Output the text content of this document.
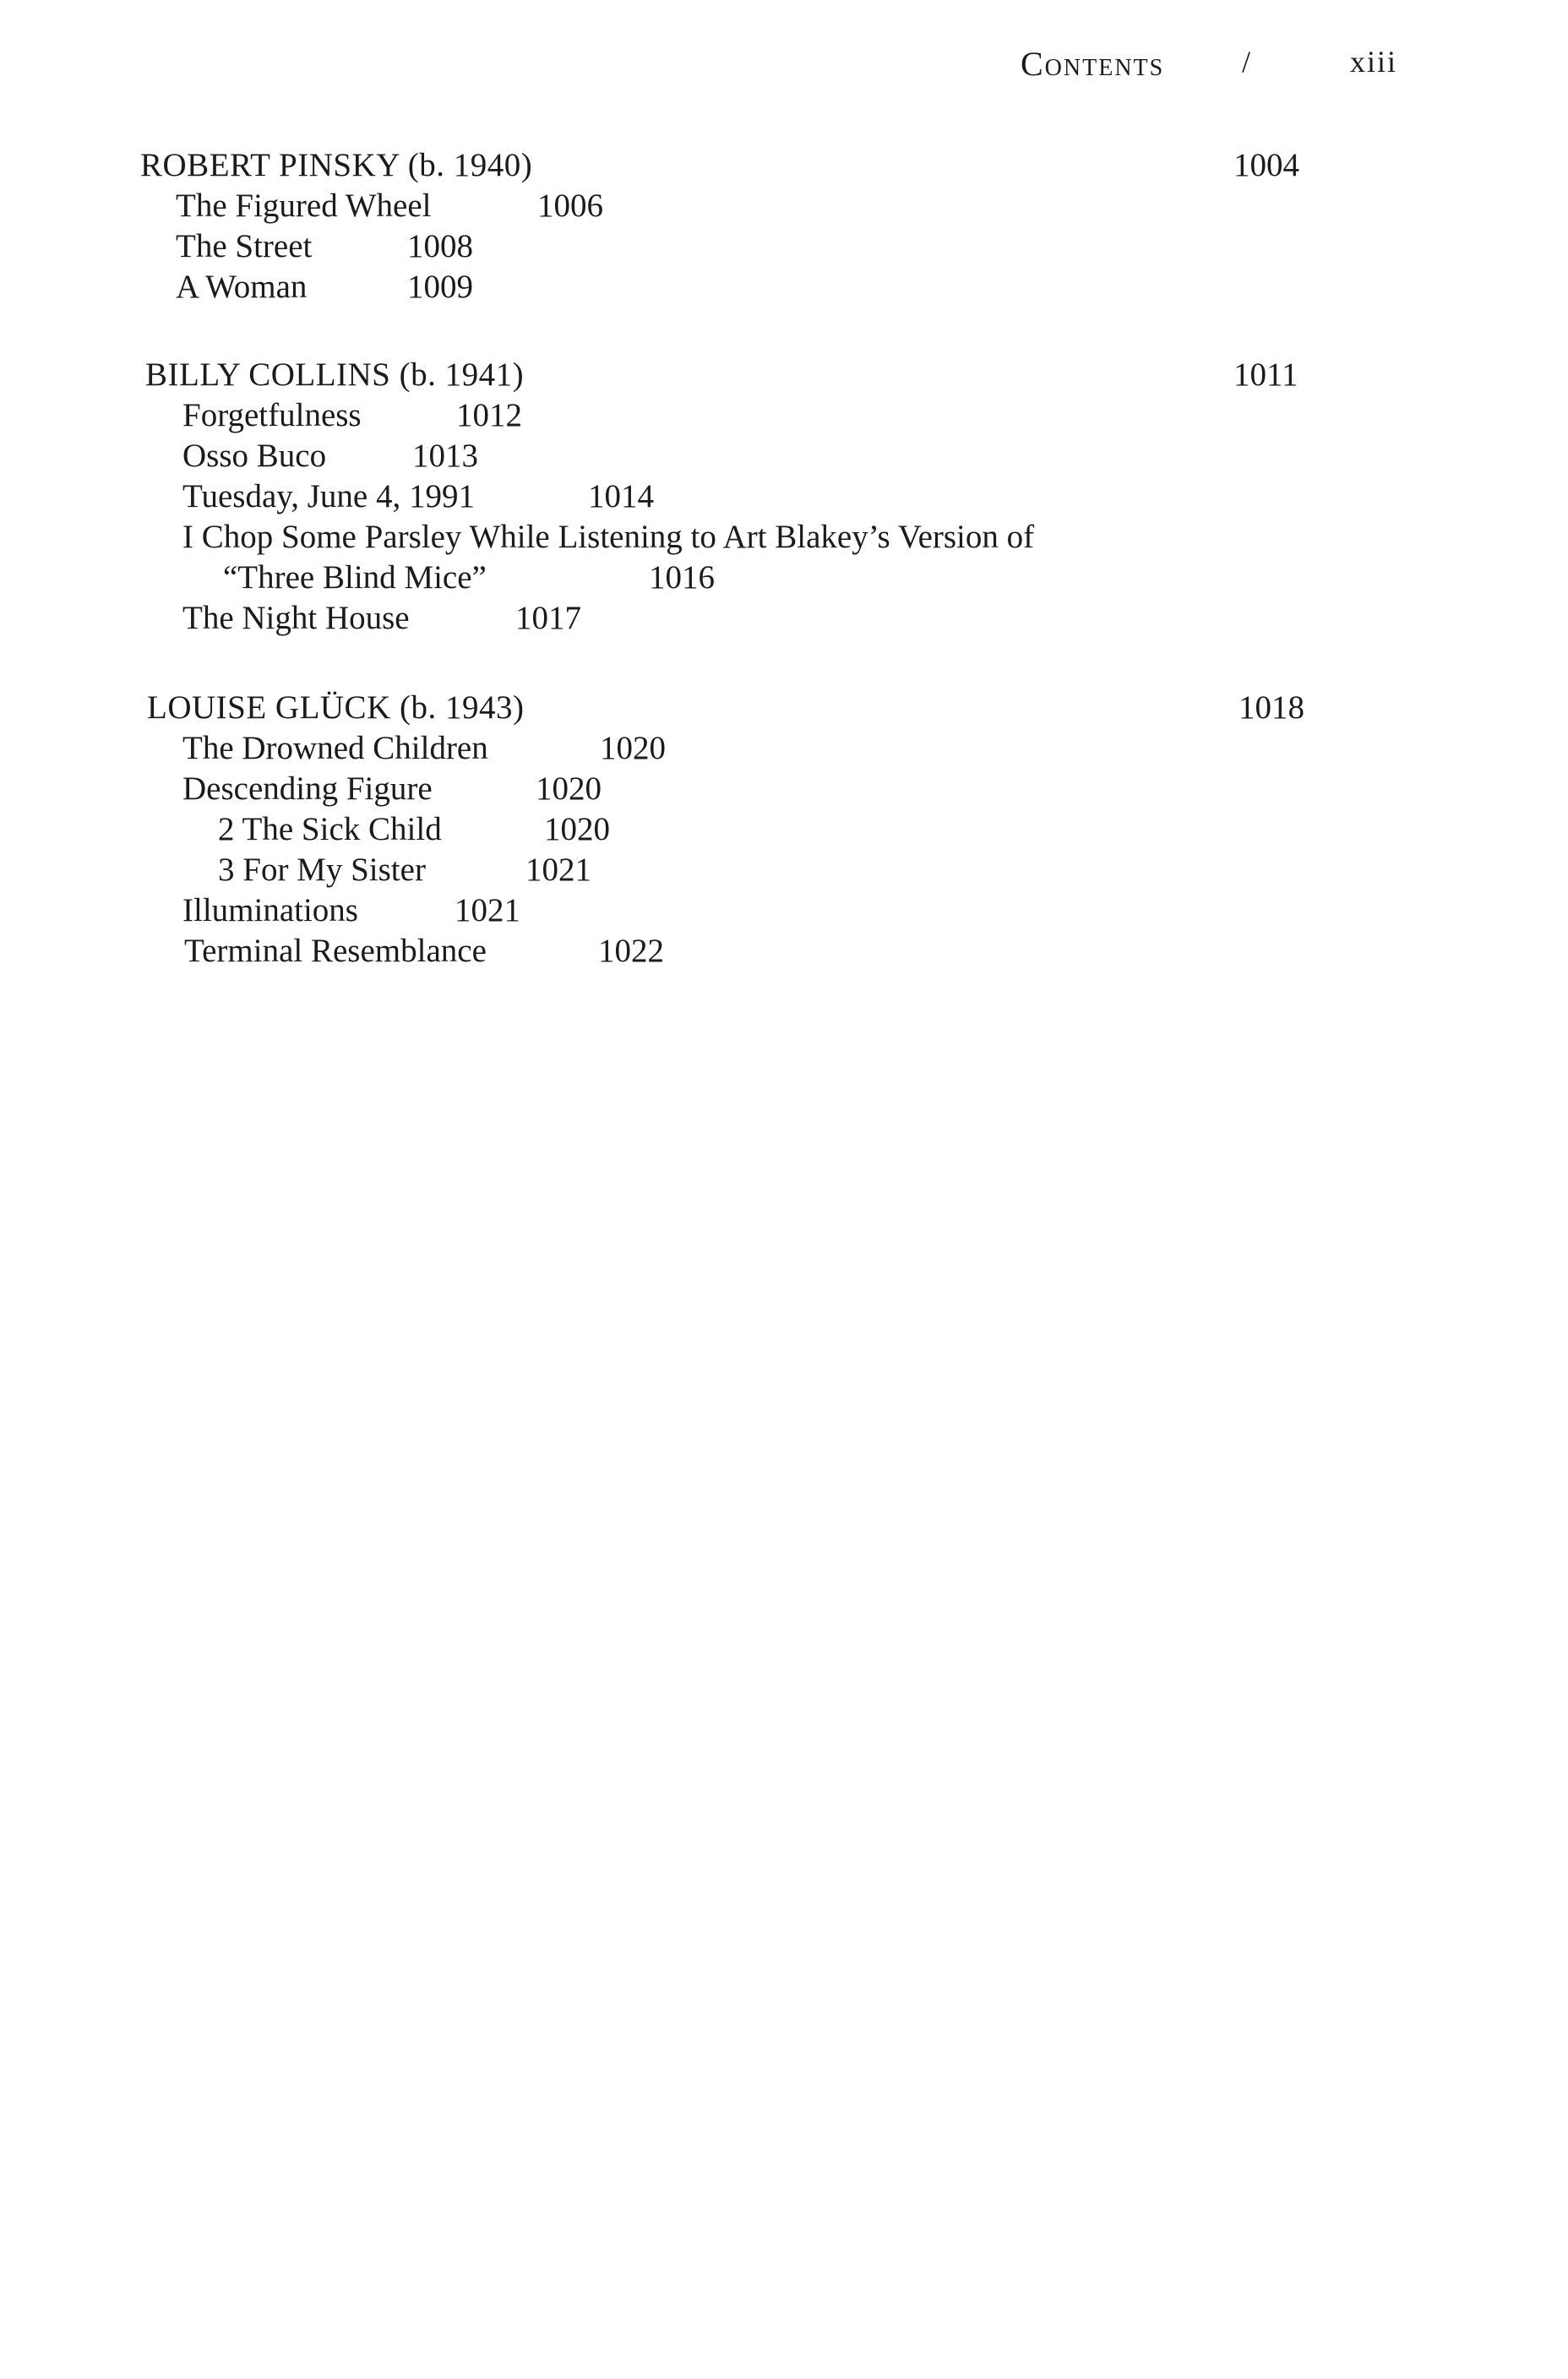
Contents	/	xiii
ROBERT PINSKY (b. 1940)	1004
The Figured Wheel	1006
The Street	1008
A Woman	1009
BILLY COLLINS (b. 1941)	1011
Forgetfulness	1012
Osso Buco	1013
Tuesday, June 4, 1991	1014
I Chop Some Parsley While Listening to Art Blakey’s Version of
“Three Blind Mice”	1016
The Night House	1017
LOUISE GLÜCK (b. 1943)	1018
The Drowned Children	1020
Descending Figure	1020
2 The Sick Child	1020
3 For My Sister	1021
Illuminations	1021
Terminal Resemblance	1022
